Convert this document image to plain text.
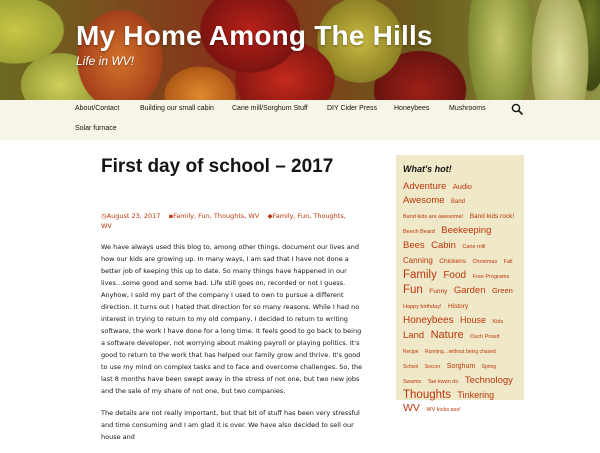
My Home Among The Hills
Life in WV!
About/Contact	Building our small cabin	Cane mill/Sorghum Stuff	DIY Cider Press Honeybees	Mushrooms
Solar furnace
First day of school – 2017
◷August 23, 2017 ▪Family, Fun, Thoughts, WV ◆Family, Fun, Thoughts,
WV

We have always used this blog to, among other things, document our lives and how our kids are growing up. In many ways, I am sad that I have not done a better job of keeping this up to date. So many things have happened in our lives…some good and some bad. Life still goes on, recorded or not I guess. Anyhow, I sold my part of the company I used to own to pursue a different direction. It turns out I hated that direction for so many reasons. While I had no interest in trying to return to my old company, I decided to return to writing software, the work I have done for a long time. It feels good to go back to being a software developer, not worrying about making payroll or playing politics. It's good to return to the work that has helped our family grow and thrive. It's good to use my mind on complex tasks and to face and overcome challenges. So, the last 8 months have been swept away in the stress of not one, but two new jobs and the sale of my share of not one, but two companies.

The details are not really important, but that bit of stuff has been very stressful and time consuming and I am glad it is over. We have also decided to sell our house and

What's hot!
Adventure Audio Awesome Band Band kids are awesome! Band kids rock! Beech Beard Beekeeping Bees Cabin Cane mill Canning Chickens Christmas Fall Family Food Free Programs Fun Funny Garden Green Happy birthday! History Honeybees House Kids Land Nature Ouch Proud Recipe Running…without being chased School Soccer Sorghum Spring Swarms Tae kwon do Technology Thoughts Tinkering WV WV kicks ass!
